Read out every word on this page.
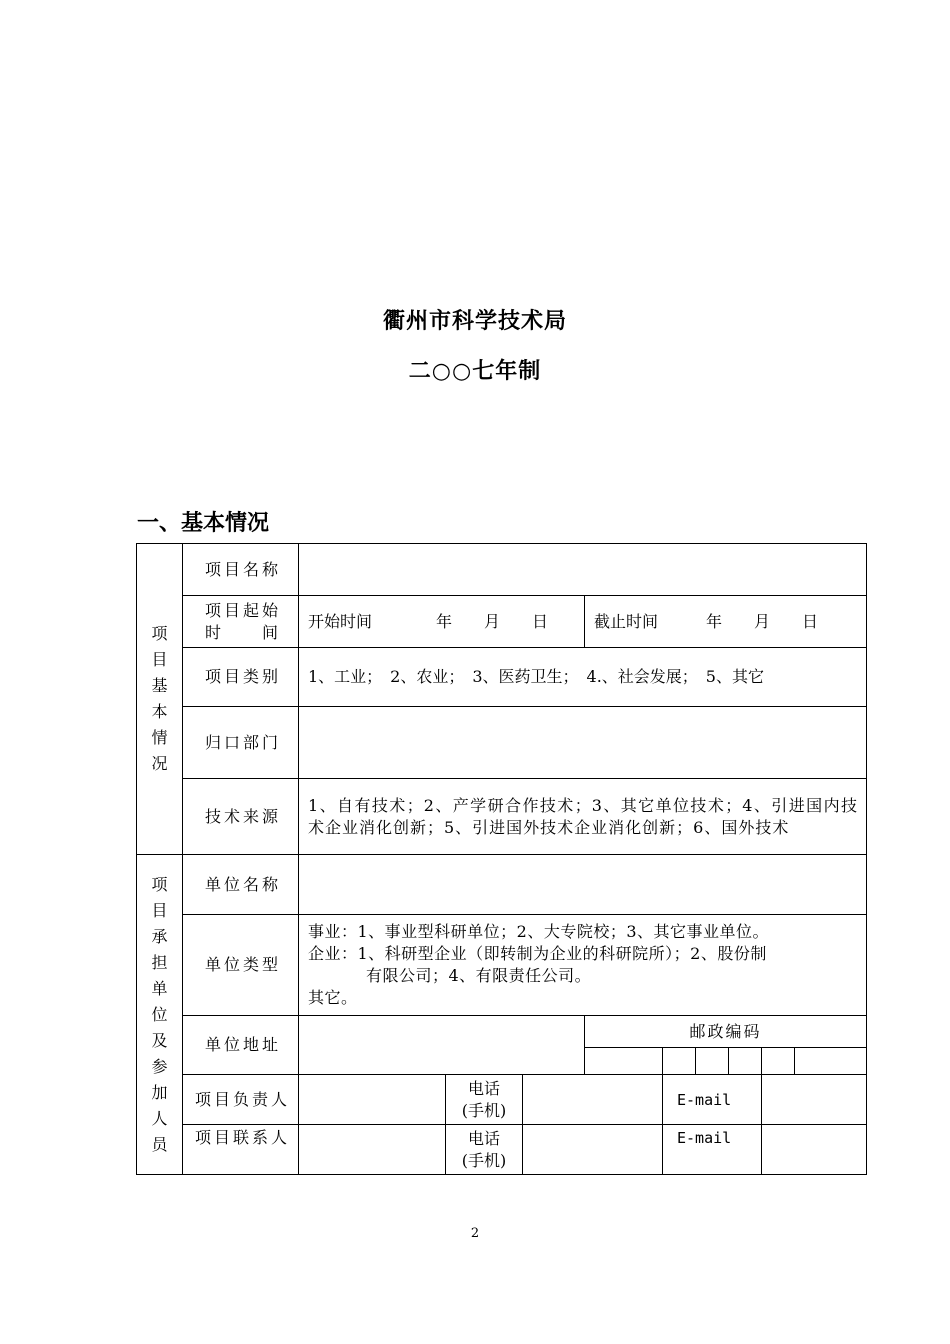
衢州市科学技术局
二○○七年制
一、基本情况
项目基本情况	项目名称									

	项目起始
时　　间	开始时间　　　　年　　月　　日			截止时间　　　年　　月　　日					
	项目类别	1、工业；　2、农业；　3、医药卫生；　4.、社会发展；　5、其它								
	归口部门									
	技术来源	1、自有技术；2、产学研合作技术；3、其它单位技术；4、引进国内技术企业消化创新；5、引进国外技术企业消化创新；6、国外技术								
项目承担单位及参加人员	单位名称									
	单位类型	事业：1、事业型科研单位；2、大专院校；3、其它事业单位。
企业：1、科研型企业（即转制为企业的科研院所）；2、股份制
有限公司；4、有限责任公司。
其它。								

	单位地址				邮政编码					

	项目负责人		电话
(手机)			E-mail				
	项目联系人		电话
(手机)			E-mail				
2
